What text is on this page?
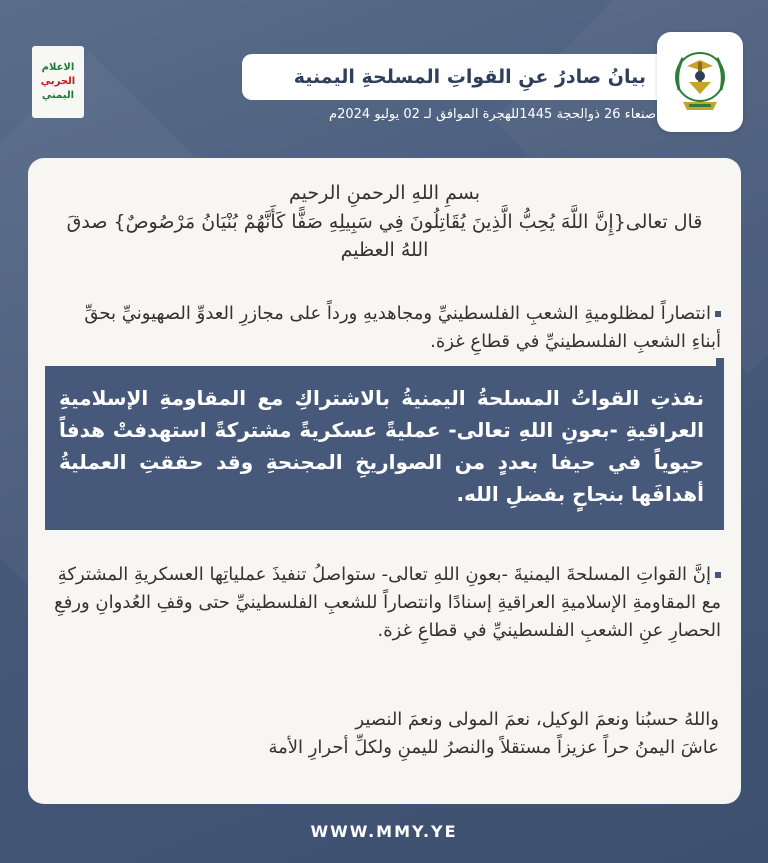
الاعلام
الحربي
اليمني
بيانُ صادرُ عنِ القواتِ المسلحةِ اليمنية
صنعاء 26 ذوالحجة 1445للهجرة الموافق لـ 02 يوليو 2024م
بسمِ اللهِ الرحمنِ الرحيم
قال تعالى{إِنَّ اللَّهَ يُحِبُّ الَّذِينَ يُقَاتِلُونَ فِي سَبِيلِهِ صَفًّا كَأَنَّهُمْ بُنْيَانُ مَرْصُوصٌ} صدقَ اللهُ العظيم
انتصاراً لمظلوميةِ الشعبِ الفلسطينيِّ ومجاهديهِ ورداً على مجازرِ العدوِّ الصهيونيِّ بحقِّ أبناءِ الشعبِ الفلسطينيِّ في قطاعِ غزة.
نفذتِ القواتُ المسلحةُ اليمنيةُ بالاشتراكِ مع المقاومةِ الإسلاميةِ العراقيةِ -بعونِ اللهِ تعالى- عمليةً عسكريةً مشتركةً استهدفتْ هدفاً حيوياً في حيفا بعددٍ من الصواريخِ المجنحةِ وقد حققتِ العمليةُ أهدافَها بنجاحٍ بفضلِ الله.
إنَّ القواتِ المسلحةَ اليمنيةَ -بعونِ اللهِ تعالى- ستواصلُ تنفيذَ عملياتِها العسكريةِ المشتركةِ مع المقاومةِ الإسلاميةِ العراقيةِ إسنادًا وانتصاراً للشعبِ الفلسطينيِّ حتى وقفِ العُدوانِ ورفعِ الحصارِ عنِ الشعبِ الفلسطينيِّ في قطاعِ غزة.
واللهُ حسبُنا ونعمَ الوكيل، نعمَ المولى ونعمَ النصير
عاشَ اليمنُ حراً عزيزاً مستقلاً والنصرُ لليمنِ ولكلِّ أحرارِ الأمة
WWW.MMY.YE
